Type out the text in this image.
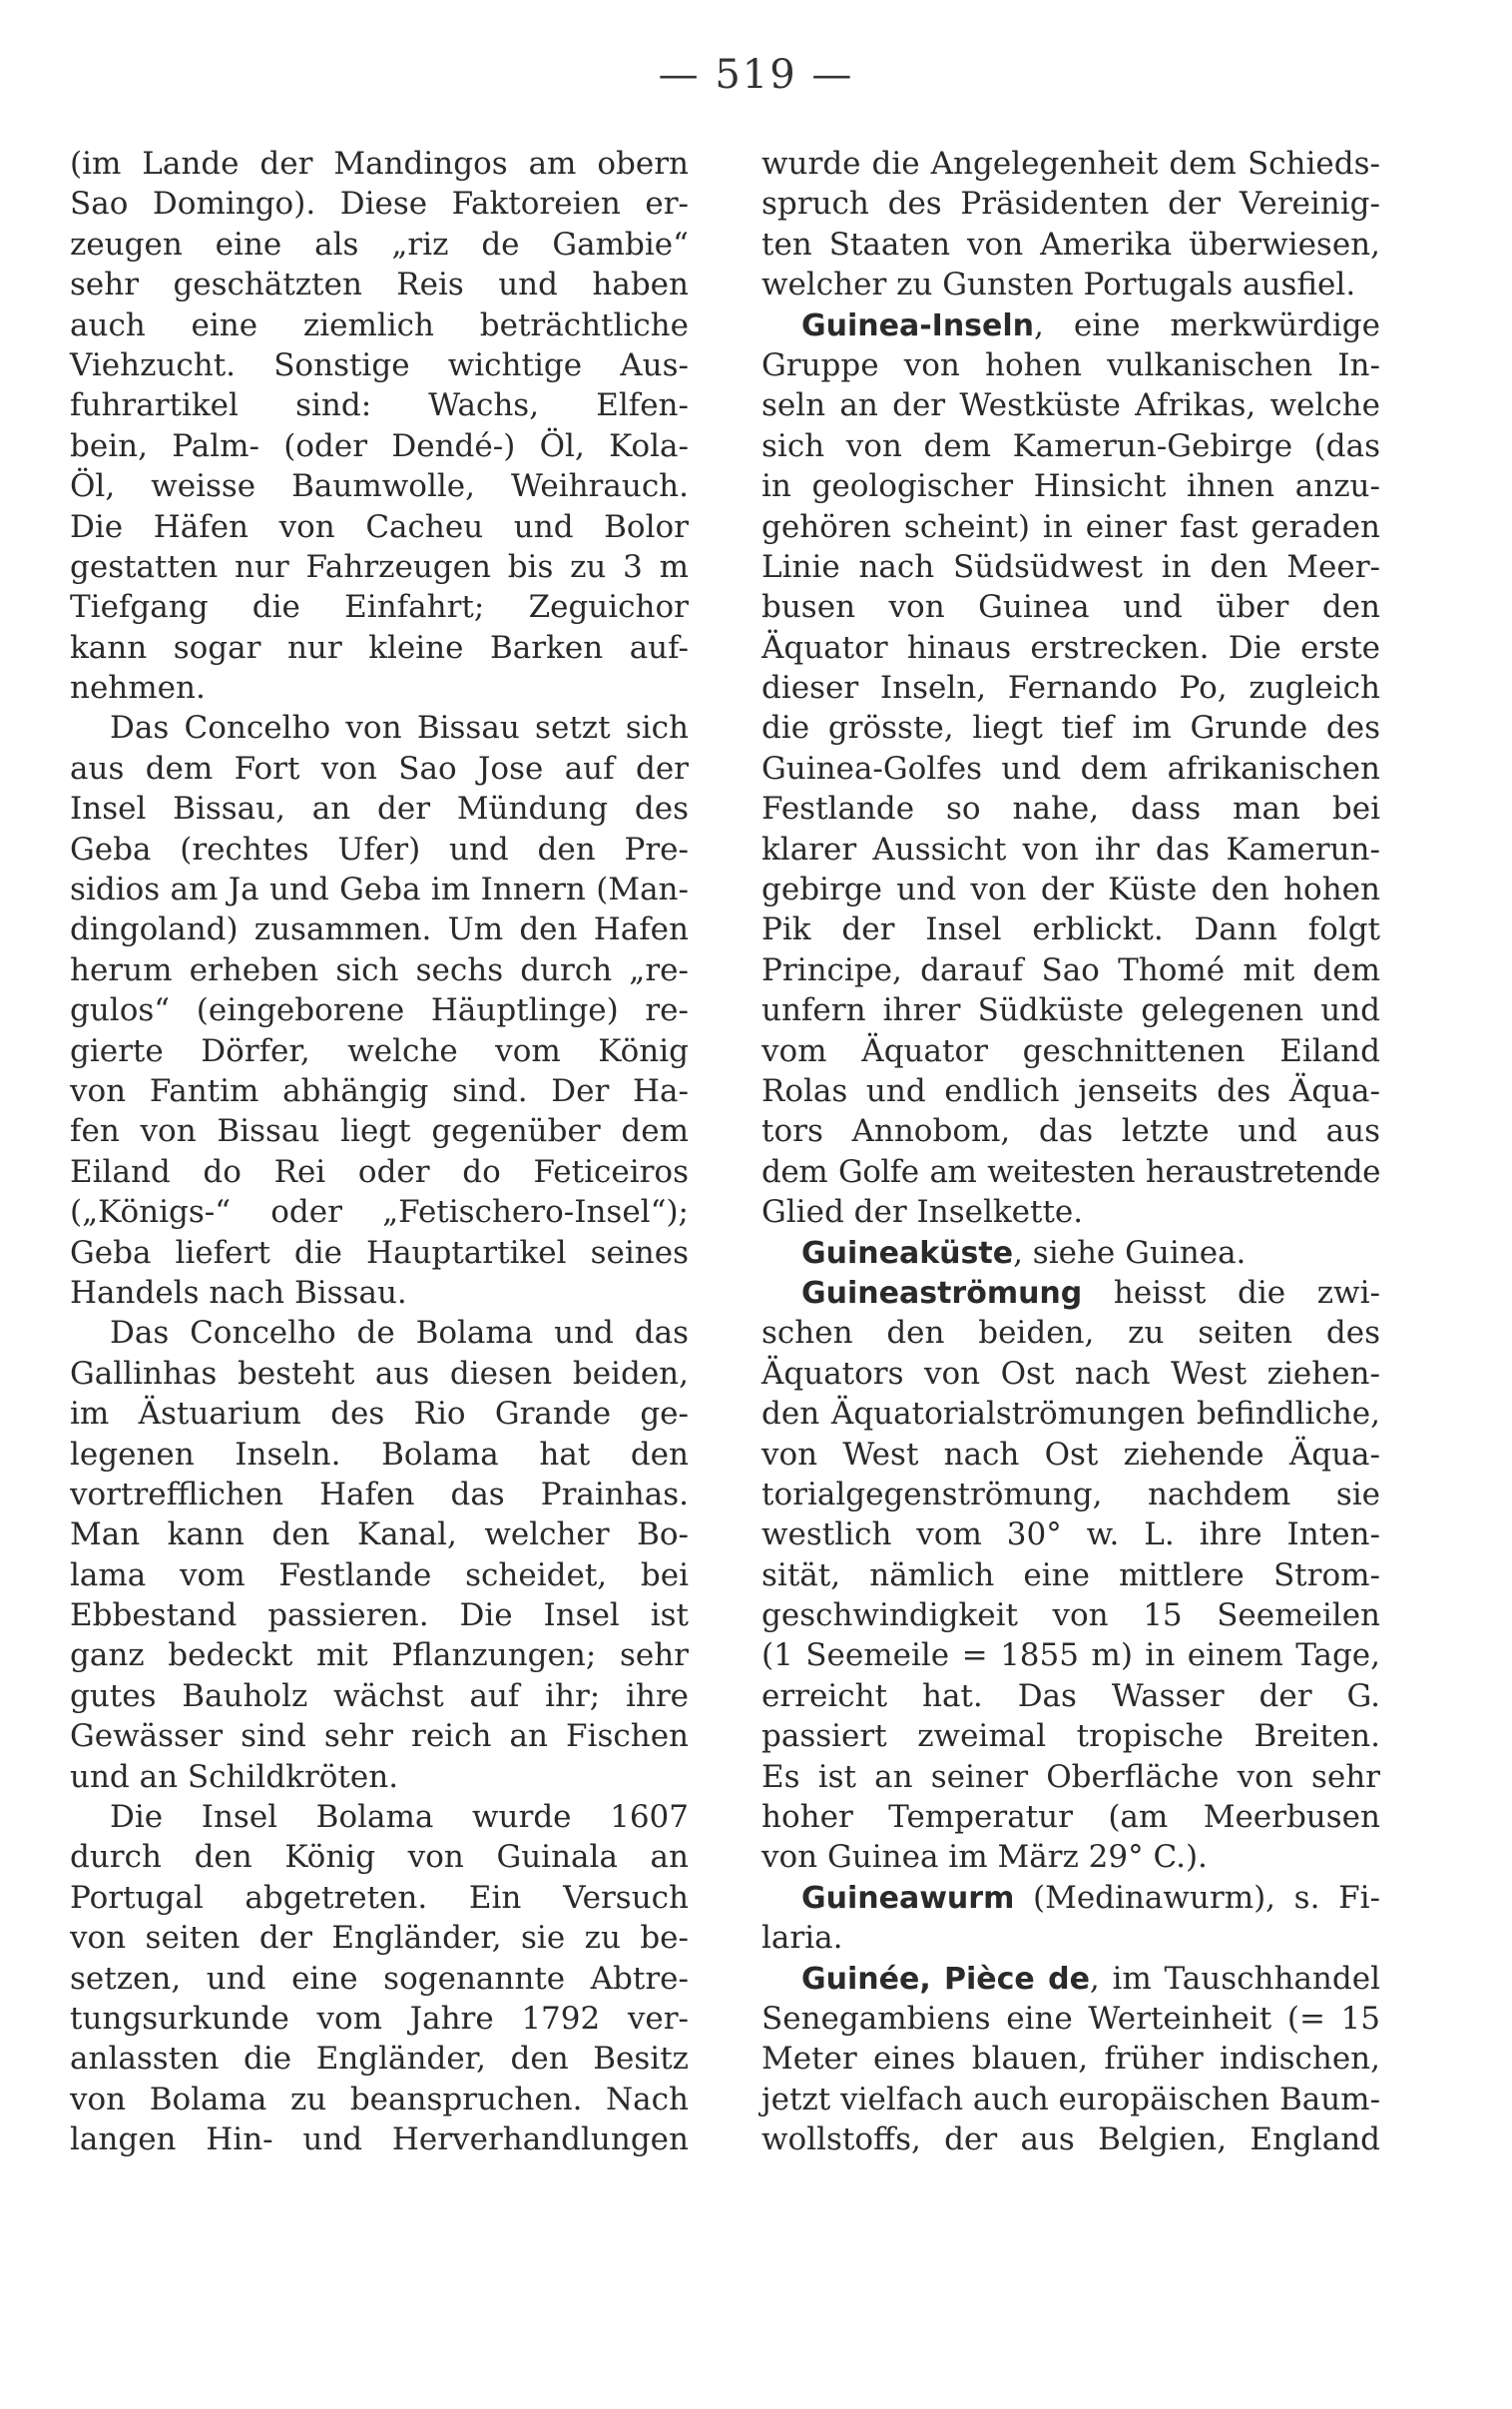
— 519 —
(im Lande der Mandingos am obern
Sao Domingo). Diese Faktoreien er-
zeugen eine als „riz de Gambie“
sehr geschätzten Reis und haben
auch eine ziemlich beträchtliche
Viehzucht. Sonstige wichtige Aus-
fuhrartikel sind: Wachs, Elfen-
bein, Palm- (oder Dendé-) Öl, Kola-
Öl, weisse Baumwolle, Weihrauch.
Die Häfen von Cacheu und Bolor
gestatten nur Fahrzeugen bis zu 3 m
Tiefgang die Einfahrt; Zeguichor
kann sogar nur kleine Barken auf-
nehmen.
Das Concelho von Bissau setzt sich
aus dem Fort von Sao Jose auf der
Insel Bissau, an der Mündung des
Geba (rechtes Ufer) und den Pre-
sidios am Ja und Geba im Innern (Man-
dingoland) zusammen. Um den Hafen
herum erheben sich sechs durch „re-
gulos“ (eingeborene Häuptlinge) re-
gierte Dörfer, welche vom König
von Fantim abhängig sind. Der Ha-
fen von Bissau liegt gegenüber dem
Eiland do Rei oder do Feticeiros
(„Königs-“ oder „Fetischero-Insel“);
Geba liefert die Hauptartikel seines
Handels nach Bissau.
Das Concelho de Bolama und das
Gallinhas besteht aus diesen beiden,
im Ästuarium des Rio Grande ge-
legenen Inseln. Bolama hat den
vortrefflichen Hafen das Prainhas.
Man kann den Kanal, welcher Bo-
lama vom Festlande scheidet, bei
Ebbestand passieren. Die Insel ist
ganz bedeckt mit Pflanzungen; sehr
gutes Bauholz wächst auf ihr; ihre
Gewässer sind sehr reich an Fischen
und an Schildkröten.
Die Insel Bolama wurde 1607
durch den König von Guinala an
Portugal abgetreten. Ein Versuch
von seiten der Engländer, sie zu be-
setzen, und eine sogenannte Abtre-
tungsurkunde vom Jahre 1792 ver-
anlassten die Engländer, den Besitz
von Bolama zu beanspruchen. Nach
langen Hin- und Herverhandlungen
wurde die Angelegenheit dem Schieds-
spruch des Präsidenten der Vereinig-
ten Staaten von Amerika überwiesen,
welcher zu Gunsten Portugals ausfiel.
Guinea-Inseln, eine merkwürdige
Gruppe von hohen vulkanischen In-
seln an der Westküste Afrikas, welche
sich von dem Kamerun-Gebirge (das
in geologischer Hinsicht ihnen anzu-
gehören scheint) in einer fast geraden
Linie nach Südsüdwest in den Meer-
busen von Guinea und über den
Äquator hinaus erstrecken. Die erste
dieser Inseln, Fernando Po, zugleich
die grösste, liegt tief im Grunde des
Guinea-Golfes und dem afrikanischen
Festlande so nahe, dass man bei
klarer Aussicht von ihr das Kamerun-
gebirge und von der Küste den hohen
Pik der Insel erblickt. Dann folgt
Principe, darauf Sao Thomé mit dem
unfern ihrer Südküste gelegenen und
vom Äquator geschnittenen Eiland
Rolas und endlich jenseits des Äqua-
tors Annobom, das letzte und aus
dem Golfe am weitesten heraustretende
Glied der Inselkette.
Guineaküste, siehe Guinea.
Guineaströmung heisst die zwi-
schen den beiden, zu seiten des
Äquators von Ost nach West ziehen-
den Äquatorialströmungen befindliche,
von West nach Ost ziehende Äqua-
torialgegenströmung, nachdem sie
westlich vom 30° w. L. ihre Inten-
sität, nämlich eine mittlere Strom-
geschwindigkeit von 15 Seemeilen
(1 Seemeile = 1855 m) in einem Tage,
erreicht hat. Das Wasser der G.
passiert zweimal tropische Breiten.
Es ist an seiner Oberfläche von sehr
hoher Temperatur (am Meerbusen
von Guinea im März 29° C.).
Guineawurm (Medinawurm), s. Fi-
laria.
Guinée, Pièce de, im Tauschhandel
Senegambiens eine Werteinheit (= 15
Meter eines blauen, früher indischen,
jetzt vielfach auch europäischen Baum-
wollstoffs, der aus Belgien, England
